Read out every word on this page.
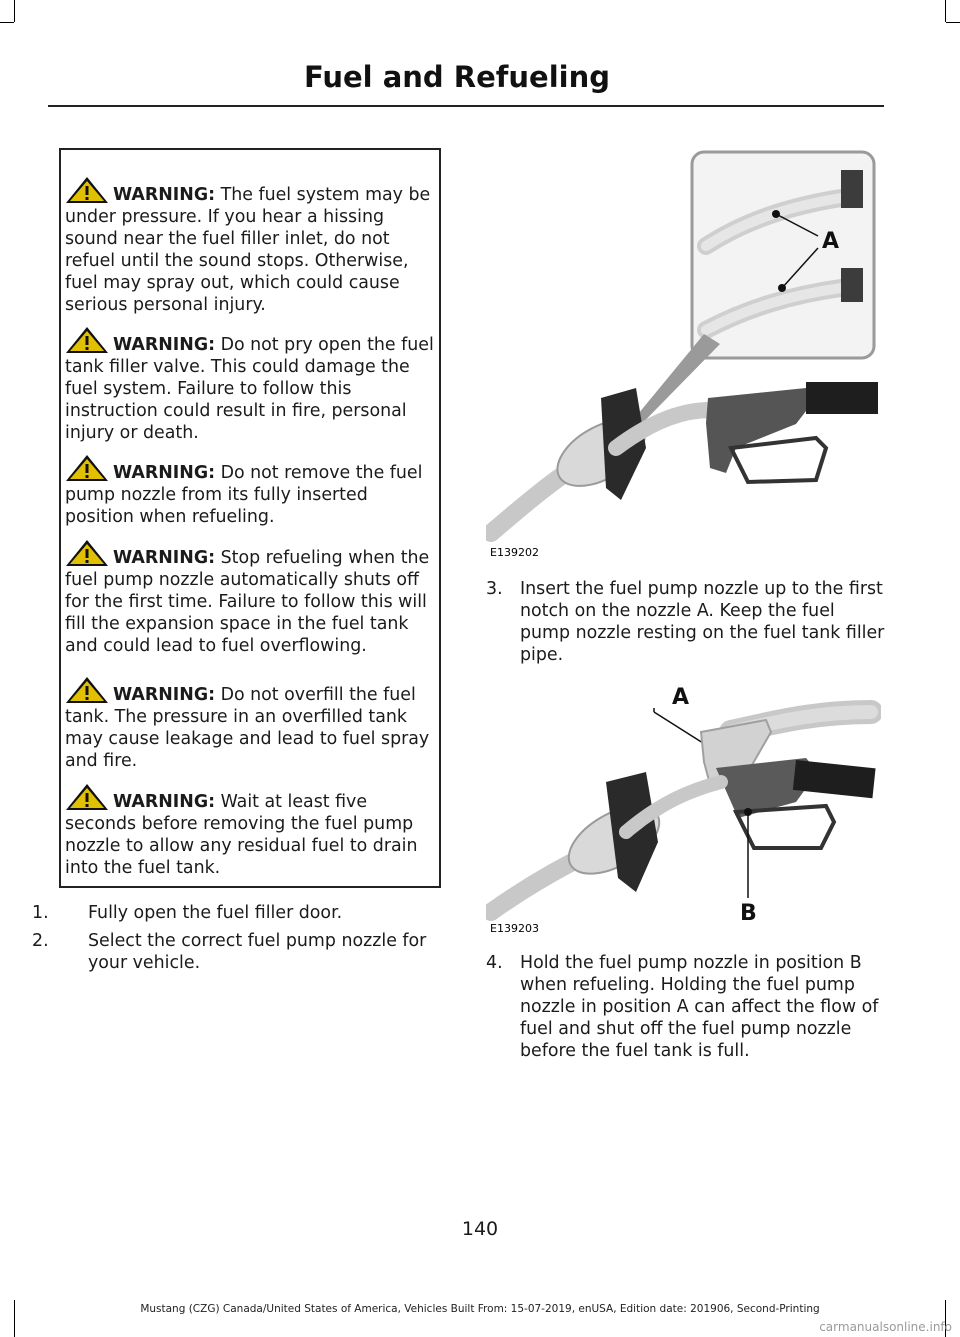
Fuel and Refueling
WARNING: The fuel system may be under pressure. If you hear a hissing sound near the fuel filler inlet, do not refuel until the sound stops. Otherwise, fuel may spray out, which could cause serious personal injury.
WARNING: Do not pry open the fuel tank filler valve. This could damage the fuel system. Failure to follow this instruction could result in fire, personal injury or death.
WARNING: Do not remove the fuel pump nozzle from its fully inserted position when refueling.
WARNING: Stop refueling when the fuel pump nozzle automatically shuts off for the first time. Failure to follow this will fill the expansion space in the fuel tank and could lead to fuel overflowing.
WARNING: Do not overfill the fuel tank. The pressure in an overfilled tank may cause leakage and lead to fuel spray and fire.
WARNING: Wait at least five seconds before removing the fuel pump nozzle to allow any residual fuel to drain into the fuel tank.
1. Fully open the fuel filler door.
2. Select the correct fuel pump nozzle for your vehicle.
A
E139202
3. Insert the fuel pump nozzle up to the first notch on the nozzle A. Keep the fuel pump nozzle resting on the fuel tank filler pipe.
A
B
E139203
4. Hold the fuel pump nozzle in position B when refueling. Holding the fuel pump nozzle in position A can affect the flow of fuel and shut off the fuel pump nozzle before the fuel tank is full.
140
Mustang (CZG) Canada/United States of America, Vehicles Built From: 15-07-2019, enUSA, Edition date: 201906, Second-Printing
carmanualsonline.info
